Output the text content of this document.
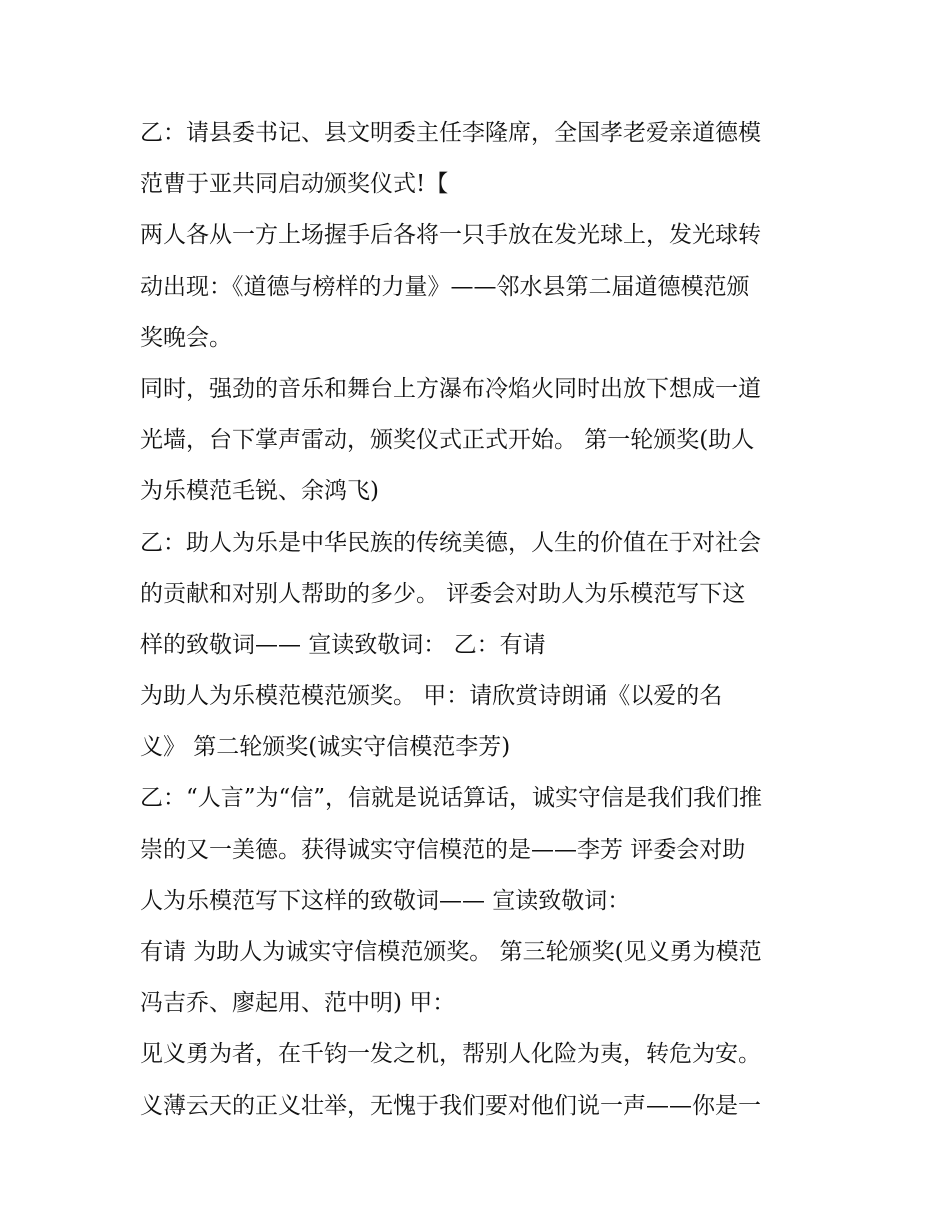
乙：请县委书记、县文明委主任李隆席，全国孝老爱亲道德模
范曹于亚共同启动颁奖仪式!【
两人各从一方上场握手后各将一只手放在发光球上，发光球转
动出现：《道德与榜样的力量》——邻水县第二届道德模范颁
奖晚会。
同时，强劲的音乐和舞台上方瀑布冷焰火同时出放下想成一道
光墙，台下掌声雷动，颁奖仪式正式开始。 第一轮颁奖(助人
为乐模范毛锐、余鸿飞)
乙：助人为乐是中华民族的传统美德，人生的价值在于对社会
的贡献和对别人帮助的多少。 评委会对助人为乐模范写下这
样的致敬词—— 宣读致敬词： 乙：有请
为助人为乐模范模范颁奖。 甲：请欣赏诗朗诵《以爱的名
义》 第二轮颁奖(诚实守信模范李芳)
乙：“人言”为“信”，信就是说话算话，诚实守信是我们我们推
崇的又一美德。获得诚实守信模范的是——李芳 评委会对助
人为乐模范写下这样的致敬词—— 宣读致敬词：
有请 为助人为诚实守信模范颁奖。 第三轮颁奖(见义勇为模范
冯吉乔、廖起用、范中明) 甲：
见义勇为者，在千钧一发之机，帮别人化险为夷，转危为安。
义薄云天的正义壮举，无愧于我们要对他们说一声——你是一
